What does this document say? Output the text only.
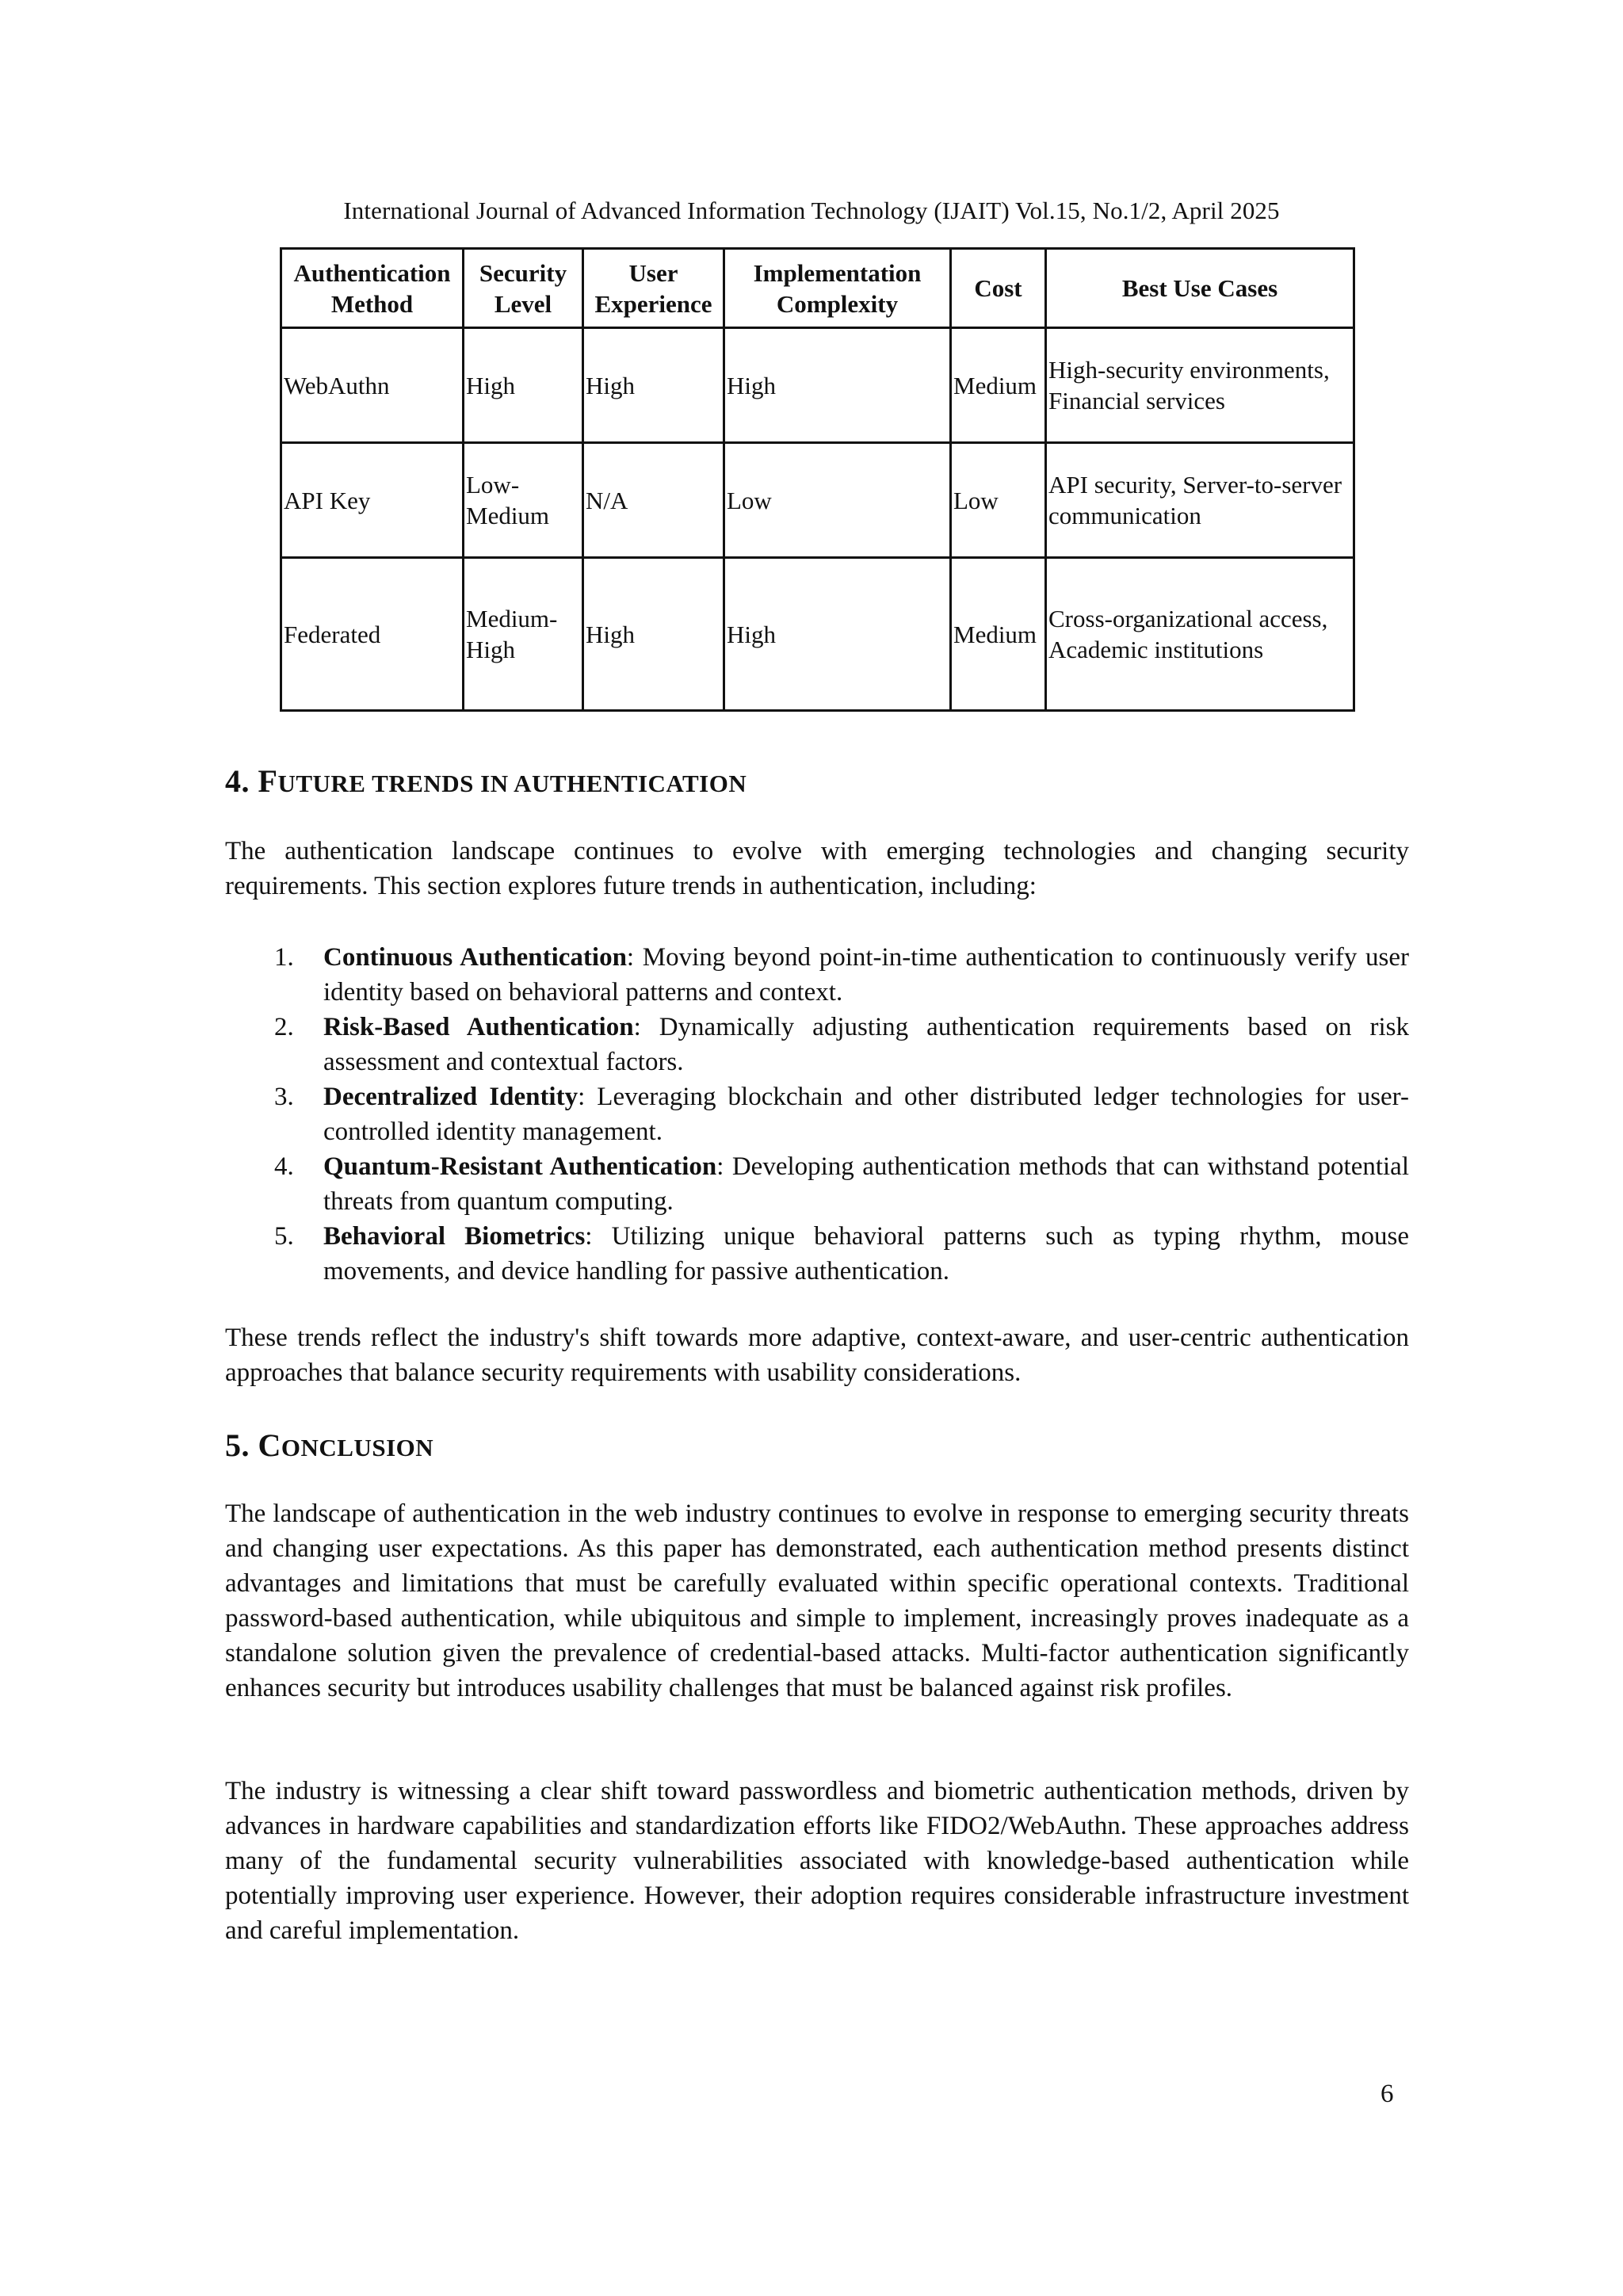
International Journal of Advanced Information Technology (IJAIT) Vol.15, No.1/2, April 2025
Authentication Method	Security Level	User Experience	Implementation Complexity	Cost	Best Use Cases
WebAuthn	High	High	High	Medium	High-security environments, Financial services
API Key	Low-Medium	N/A	Low	Low	API security, Server-to-server communication
Federated	Medium-High	High	High	Medium	Cross-organizational access, Academic institutions
4. FUTURE TRENDS IN AUTHENTICATION

The authentication landscape continues to evolve with emerging technologies and changing security requirements. This section explores future trends in authentication, including:

1. Continuous Authentication: Moving beyond point-in-time authentication to continuously verify user identity based on behavioral patterns and context.
2. Risk-Based Authentication: Dynamically adjusting authentication requirements based on risk assessment and contextual factors.
3. Decentralized Identity: Leveraging blockchain and other distributed ledger technologies for user-controlled identity management.
4. Quantum-Resistant Authentication: Developing authentication methods that can withstand potential threats from quantum computing.
5. Behavioral Biometrics: Utilizing unique behavioral patterns such as typing rhythm, mouse movements, and device handling for passive authentication.

These trends reflect the industry's shift towards more adaptive, context-aware, and user-centric authentication approaches that balance security requirements with usability considerations.

5. CONCLUSION

The landscape of authentication in the web industry continues to evolve in response to emerging security threats and changing user expectations. As this paper has demonstrated, each authentication method presents distinct advantages and limitations that must be carefully evaluated within specific operational contexts. Traditional password-based authentication, while ubiquitous and simple to implement, increasingly proves inadequate as a standalone solution given the prevalence of credential-based attacks. Multi-factor authentication significantly enhances security but introduces usability challenges that must be balanced against risk profiles.

The industry is witnessing a clear shift toward passwordless and biometric authentication methods, driven by advances in hardware capabilities and standardization efforts like FIDO2/WebAuthn. These approaches address many of the fundamental security vulnerabilities associated with knowledge-based authentication while potentially improving user experience. However, their adoption requires considerable infrastructure investment and careful implementation.

6
